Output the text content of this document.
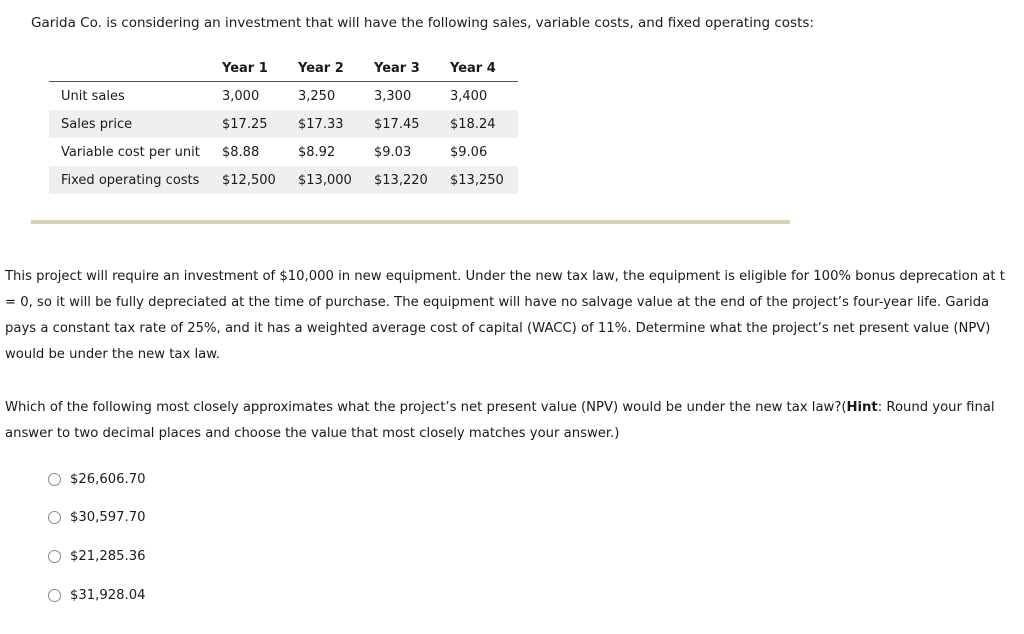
Garida Co. is considering an investment that will have the following sales, variable costs, and fixed operating costs:
	Year 1	Year 2	Year 3	Year 4
Unit sales	3,000	3,250	3,300	3,400
Sales price	$17.25	$17.33	$17.45	$18.24
Variable cost per unit	$8.88	$8.92	$9.03	$9.06
Fixed operating costs	$12,500	$13,000	$13,220	$13,250
This project will require an investment of $10,000 in new equipment. Under the new tax law, the equipment is eligible for 100% bonus deprecation at t = 0, so it will be fully depreciated at the time of purchase. The equipment will have no salvage value at the end of the project’s four-year life. Garida pays a constant tax rate of 25%, and it has a weighted average cost of capital (WACC) of 11%. Determine what the project’s net present value (NPV) would be under the new tax law.
Which of the following most closely approximates what the project’s net present value (NPV) would be under the new tax law?(Hint: Round your final answer to two decimal places and choose the value that most closely matches your answer.)
$26,606.70
$30,597.70
$21,285.36
$31,928.04
